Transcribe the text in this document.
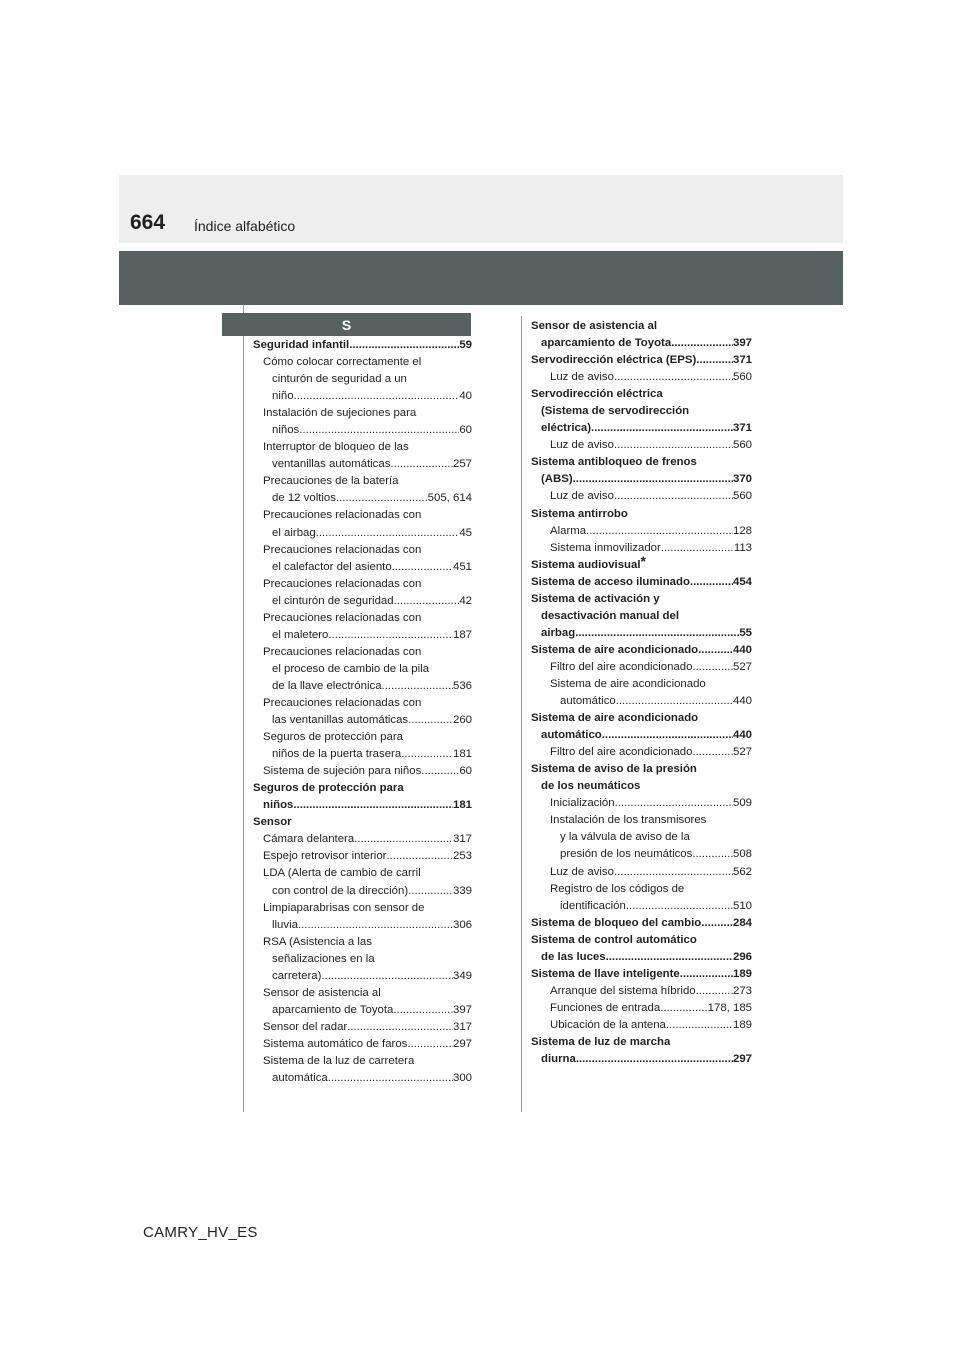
664 Índice alfabético
S
Seguridad infantil .....	59
Cómo colocar correctamente el
cinturón de seguridad a un
niño .....	40
Instalación de sujeciones para
niños .....	60
Interruptor de bloqueo de las
ventanillas automáticas .....	257
Precauciones de la batería
de 12 voltios .....	505, 614
Precauciones relacionadas con
el airbag .....	45
Precauciones relacionadas con
el calefactor del asiento .....	451
Precauciones relacionadas con
el cinturón de seguridad .....	42
Precauciones relacionadas con
el maletero .....	187
Precauciones relacionadas con
el proceso de cambio de la pila
de la llave electrónica .....	536
Precauciones relacionadas con
las ventanillas automáticas .....	260
Seguros de protección para
niños de la puerta trasera .....	181
Sistema de sujeción para niños .....	60
Seguros de protección para
niños .....	181
Sensor
Cámara delantera .....	317
Espejo retrovisor interior .....	253
LDA (Alerta de cambio de carril
con control de la dirección) .....	339
Limpiaparabrisas con sensor de
lluvia .....	306
RSA (Asistencia a las
señalizaciones en la
carretera) .....	349
Sensor de asistencia al
aparcamiento de Toyota .....	397
Sensor del radar .....	317
Sistema automático de faros .....	297
Sistema de la luz de carretera
automática .....	300
Sensor de asistencia al
aparcamiento de Toyota .....	397
Servodirección eléctrica (EPS) .....	371
Luz de aviso .....	560
Servodirección eléctrica
(Sistema de servodirección
eléctrica) .....	371
Luz de aviso .....	560
Sistema antibloqueo de frenos
(ABS) .....	370
Luz de aviso .....	560
Sistema antirrobo
Alarma .....	128
Sistema inmovilizador .....	113
Sistema audiovisual *
Sistema de acceso iluminado .....	454
Sistema de activación y
desactivación manual del
airbag .....	55
Sistema de aire acondicionado .....	440
Filtro del aire acondicionado .....	527
Sistema de aire acondicionado
automático .....	440
Sistema de aire acondicionado
automático .....	440
Filtro del aire acondicionado .....	527
Sistema de aviso de la presión
de los neumáticos
Inicialización .....	509
Instalación de los transmisores
y la válvula de aviso de la
presión de los neumáticos .....	508
Luz de aviso .....	562
Registro de los códigos de
identificación .....	510
Sistema de bloqueo del cambio .....	284
Sistema de control automático
de las luces .....	296
Sistema de llave inteligente .....	189
Arranque del sistema híbrido .....	273
Funciones de entrada .....	178, 185
Ubicación de la antena .....	189
Sistema de luz de marcha
diurna .....	297
CAMRY_HV_ES
